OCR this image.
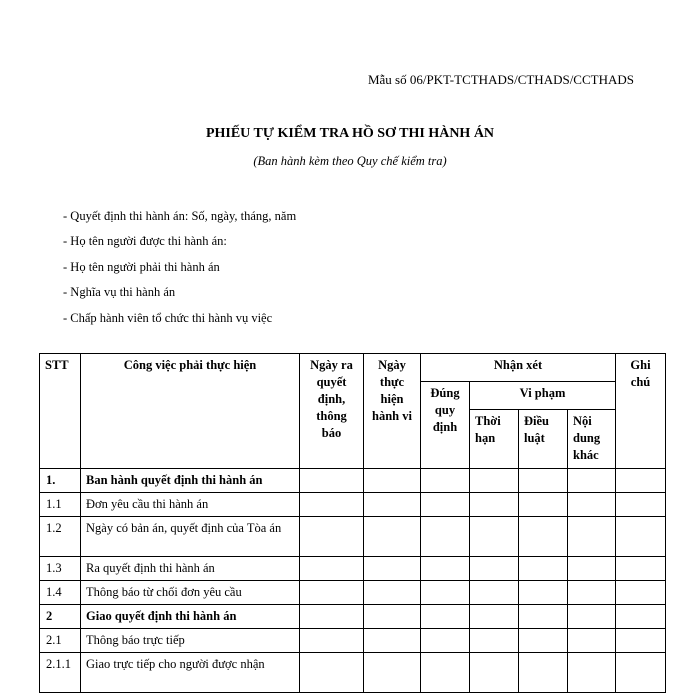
Mẫu số 06/PKT-TCTHADS/CTHADS/CCTHADS
PHIẾU TỰ KIỂM TRA HỒ SƠ THI HÀNH ÁN
(Ban hành kèm theo Quy chế kiểm tra)
- Quyết định thi hành án: Số, ngày, tháng, năm
- Họ tên người được thi hành án:
- Họ tên người phải thi hành án
- Nghĩa vụ thi hành án
- Chấp hành viên tổ chức thi hành vụ việc
STT	Công việc phải thực hiện	Ngày ra quyết định, thông báo	Ngày thực hiện hành vi	Nhận xét				Ghi chú
				Đúng quy định	Vi phạm			
					Thời hạn	Điều luật	Nội dung khác	
1.	Ban hành quyết định thi hành án							
1.1	Đơn yêu cầu thi hành án							
1.2	Ngày có bản án, quyết định của Tòa án							
1.3	Ra quyết định thi hành án							
1.4	Thông báo từ chối đơn yêu cầu							
2	Giao quyết định thi hành án							
2.1	Thông báo trực tiếp							
2.1.1	Giao trực tiếp cho người được nhận							
